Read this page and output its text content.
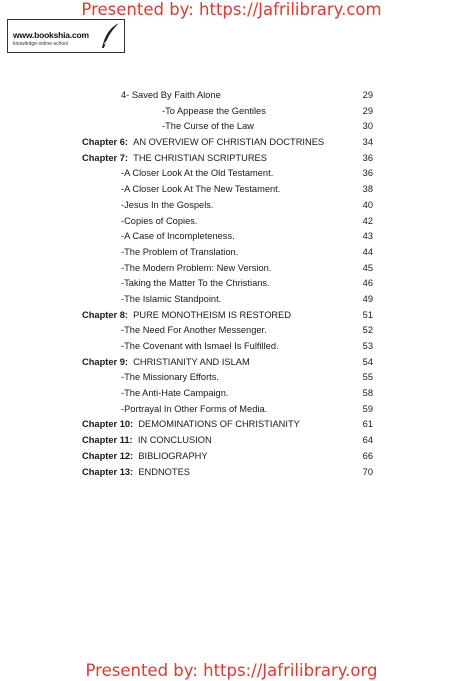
Presented by: https://Jafrilibrary.com
www.bookshia.com
knowledge-online-school
4- Saved By Faith Alone	29
-To Appease the Gentiles	29
-The Curse of the Law	30
Chapter 6: AN OVERVIEW OF CHRISTIAN DOCTRINES	34
Chapter 7: THE CHRISTIAN SCRIPTURES	36
-A Closer Look At the Old Testament.	36
-A Closer Look At The New Testament.	38
-Jesus In the Gospels.	40
-Copies of Copies.	42
-A Case of Incompleteness.	43
-The Problem of Translation.	44
-The Modern Problem: New Version.	45
-Taking the Matter To the Christians.	46
-The Islamic Standpoint.	49
Chapter 8: PURE MONOTHEISM IS RESTORED	51
-The Need For Another Messenger.	52
-The Covenant with Ismael Is Fulfilled.	53
Chapter 9: CHRISTIANITY AND ISLAM	54
-The Missionary Efforts.	55
-The Anti-Hate Campaign.	58
-Portrayal In Other Forms of Media.	59
Chapter 10: DEMOMINATIONS OF CHRISTIANITY	61
Chapter 11: IN CONCLUSION	64
Chapter 12: BIBLIOGRAPHY	66
Chapter 13: ENDNOTES	70
Presented by: https://Jafrilibrary.org
